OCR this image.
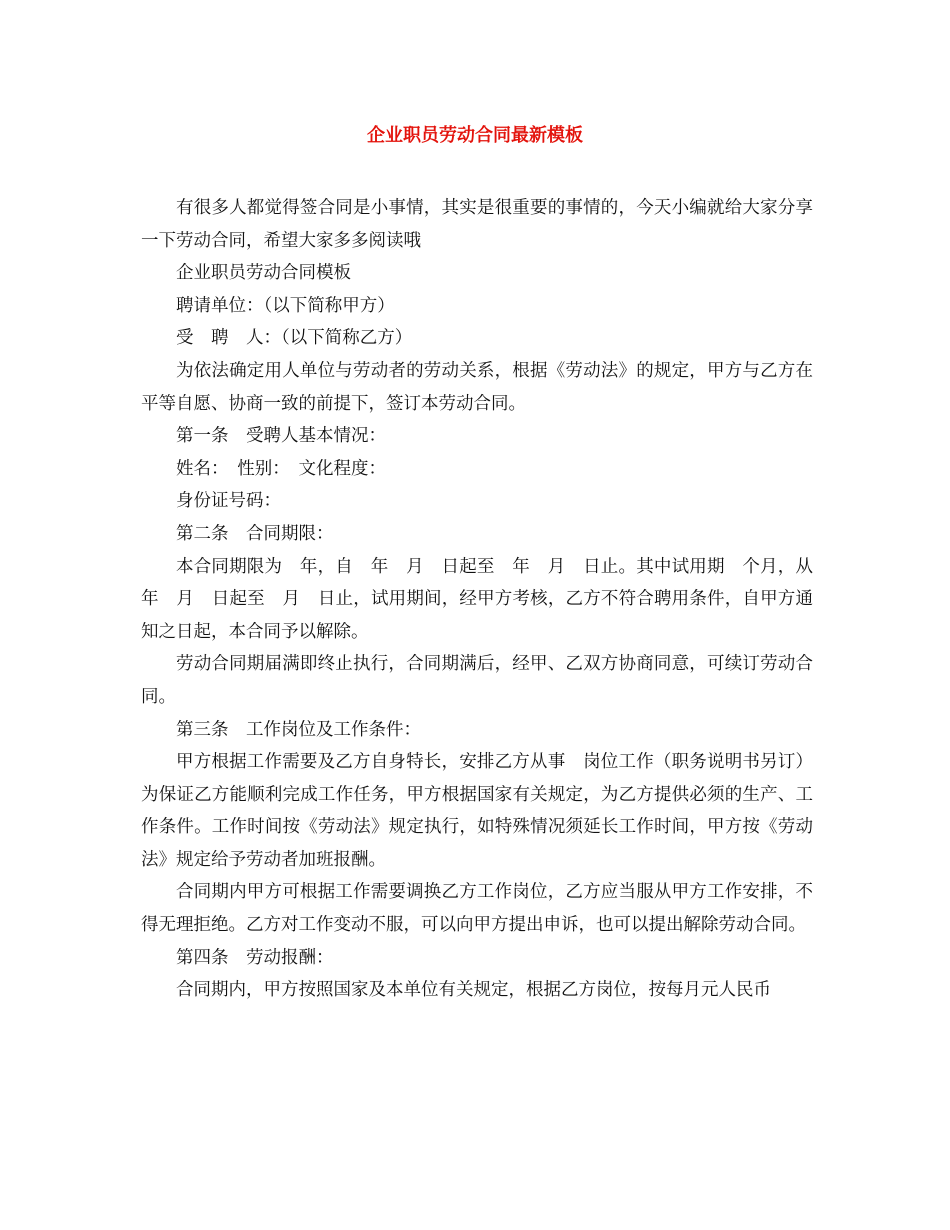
企业职员劳动合同最新模板

有很多人都觉得签合同是小事情，其实是很重要的事情的，今天小编就给大家分享一下劳动合同，希望大家多多阅读哦

企业职员劳动合同模板

聘请单位：（以下简称甲方）

受　聘　人：（以下简称乙方）

为依法确定用人单位与劳动者的劳动关系，根据《劳动法》的规定，甲方与乙方在平等自愿、协商一致的前提下，签订本劳动合同。

第一条　受聘人基本情况：

姓名：　性别：　文化程度：

身份证号码：

第二条　合同期限：

本合同期限为　年，自　年　月　日起至　年　月　日止。其中试用期　个月，从　年　月　日起至　月　日止，试用期间，经甲方考核，乙方不符合聘用条件，自甲方通知之日起，本合同予以解除。

劳动合同期届满即终止执行，合同期满后，经甲、乙双方协商同意，可续订劳动合同。

第三条　工作岗位及工作条件：

甲方根据工作需要及乙方自身特长，安排乙方从事　岗位工作（职务说明书另订）为保证乙方能顺利完成工作任务，甲方根据国家有关规定，为乙方提供必须的生产、工作条件。工作时间按《劳动法》规定执行，如特殊情况须延长工作时间，甲方按《劳动法》规定给予劳动者加班报酬。

合同期内甲方可根据工作需要调换乙方工作岗位，乙方应当服从甲方工作安排，不得无理拒绝。乙方对工作变动不服，可以向甲方提出申诉，也可以提出解除劳动合同。

第四条　劳动报酬：

合同期内，甲方按照国家及本单位有关规定，根据乙方岗位，按每月元人民币
